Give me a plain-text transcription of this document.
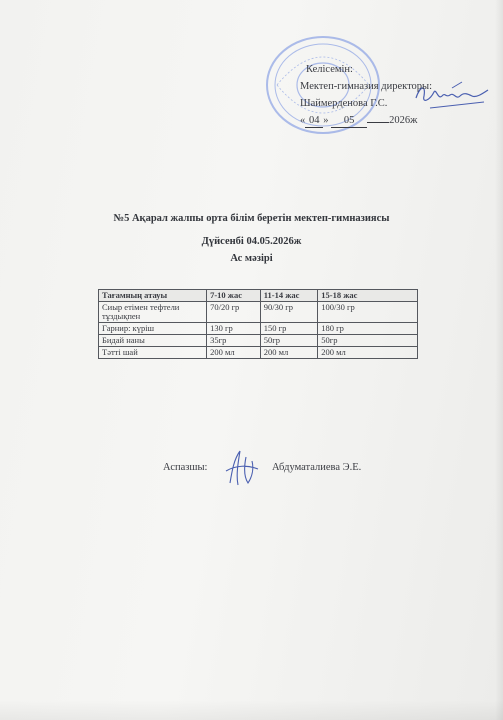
Келісемін:
Мектеп-гимназия директоры:
Шаймерденова Г.С.
« 04 » 05	2026ж
№5 Ақарал жалпы орта білім беретін мектеп-гимназиясы
Дүйсенбі 04.05.2026ж
Ас мәзірі
Тағамның атауы	7-10 жас	11-14 жас	15-18 жас
Сиыр етімен тефтели тұздықпен	70/20 гр	90/30 гр	100/30 гр
Гарнир: күріш	130 гр	150 гр	180 гр
Бидай наны	35гр	50гр	50гр
Тәтті шай	200 мл	200 мл	200 мл
Аспазшы:	Абдуматалиева Э.Е.
